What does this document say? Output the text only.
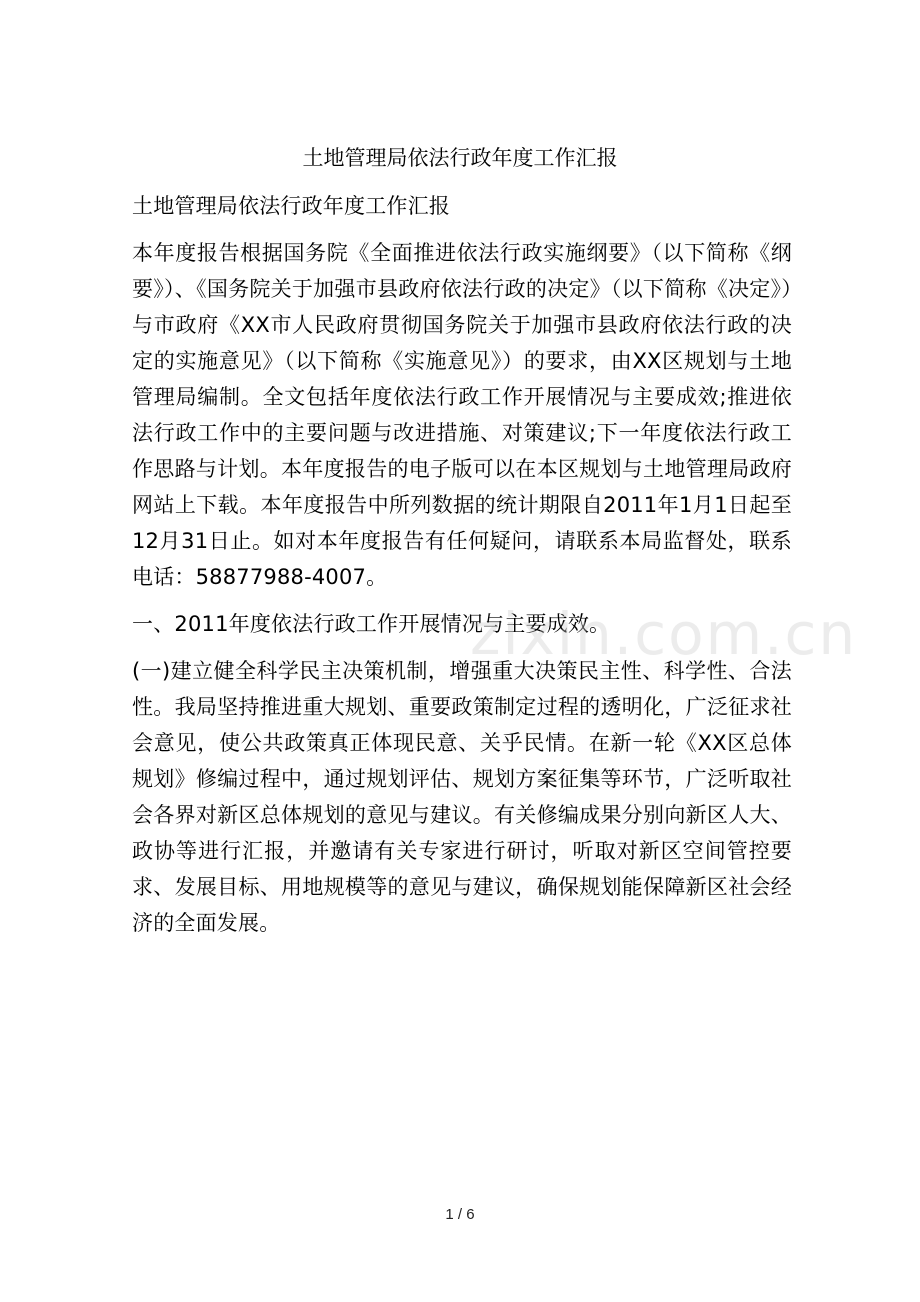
土地管理局依法行政年度工作汇报

土地管理局依法行政年度工作汇报

本年度报告根据国务院《全面推进依法行政实施纲要》（以下简称《纲要》）、《国务院关于加强市县政府依法行政的决定》（以下简称《决定》）与市政府《XX市人民政府贯彻国务院关于加强市县政府依法行政的决定的实施意见》（以下简称《实施意见》）的要求，由XX区规划与土地管理局编制。全文包括年度依法行政工作开展情况与主要成效;推进依法行政工作中的主要问题与改进措施、对策建议;下一年度依法行政工作思路与计划。本年度报告的电子版可以在本区规划与土地管理局政府网站上下载。本年度报告中所列数据的统计期限自2011年1月1日起至12月31日止。如对本年度报告有任何疑问，请联系本局监督处，联系电话：58877988-4007。

一、2011年度依法行政工作开展情况与主要成效。

(一)建立健全科学民主决策机制，增强重大决策民主性、科学性、合法性。我局坚持推进重大规划、重要政策制定过程的透明化，广泛征求社会意见，使公共政策真正体现民意、关乎民情。在新一轮《XX区总体规划》修编过程中，通过规划评估、规划方案征集等环节，广泛听取社会各界对新区总体规划的意见与建议。有关修编成果分别向新区人大、政协等进行汇报，并邀请有关专家进行研讨，听取对新区空间管控要求、发展目标、用地规模等的意见与建议，确保规划能保障新区社会经济的全面发展。

zixin.com.cn
1 / 6
